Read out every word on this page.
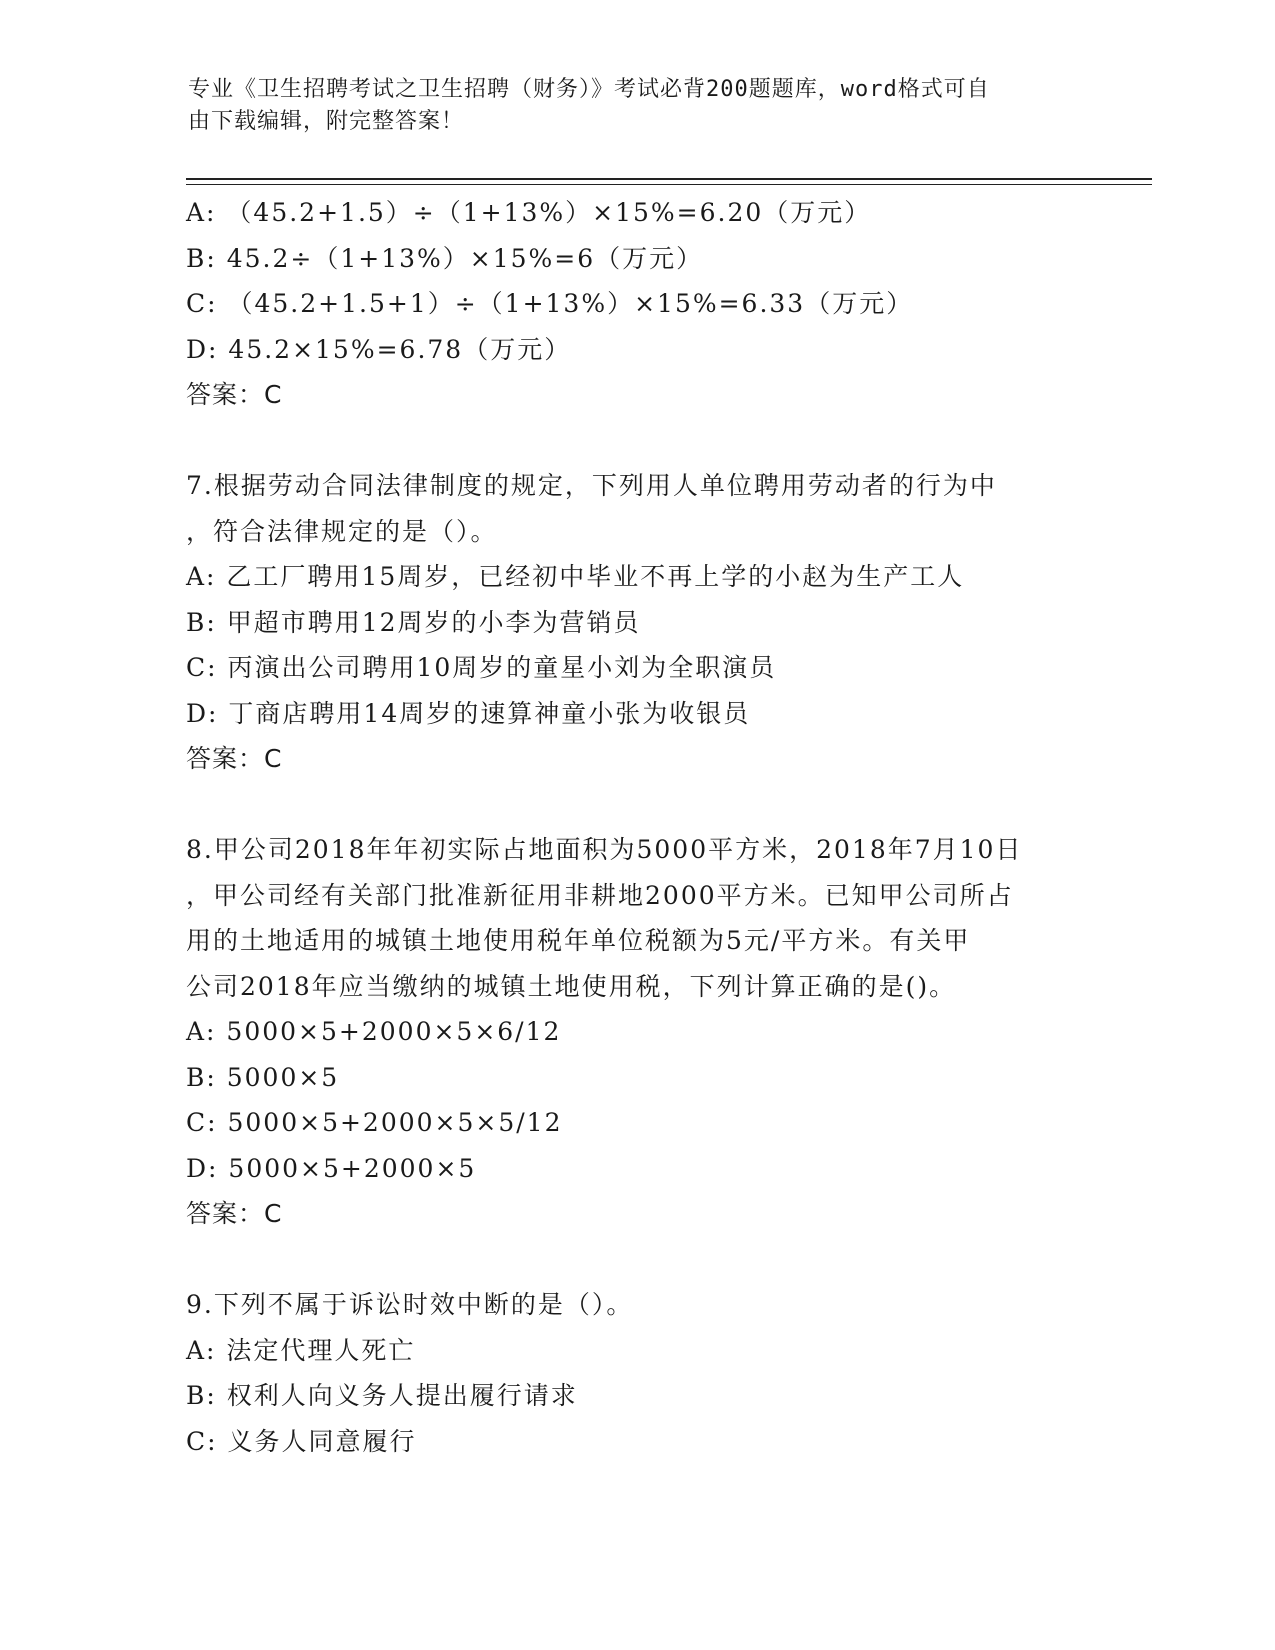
专业《卫生招聘考试之卫生招聘（财务）》考试必背200题题库，word格式可自
由下载编辑，附完整答案！
A: （45.2+1.5）÷（1+13%）×15%=6.20（万元）
B: 45.2÷（1+13%）×15%=6（万元）
C: （45.2+1.5+1）÷（1+13%）×15%=6.33（万元）
D: 45.2×15%=6.78（万元）
答案：C
7.根据劳动合同法律制度的规定，下列用人单位聘用劳动者的行为中
，符合法律规定的是（）。
A: 乙工厂聘用15周岁，已经初中毕业不再上学的小赵为生产工人
B: 甲超市聘用12周岁的小李为营销员
C: 丙演出公司聘用10周岁的童星小刘为全职演员
D: 丁商店聘用14周岁的速算神童小张为收银员
答案：C
8.甲公司2018年年初实际占地面积为5000平方米，2018年7月10日
，甲公司经有关部门批准新征用非耕地2000平方米。已知甲公司所占
用的土地适用的城镇土地使用税年单位税额为5元/平方米。有关甲
公司2018年应当缴纳的城镇土地使用税，下列计算正确的是()。
A: 5000×5+2000×5×6/12
B: 5000×5
C: 5000×5+2000×5×5/12
D: 5000×5+2000×5
答案：C
9.下列不属于诉讼时效中断的是（）。
A: 法定代理人死亡
B: 权利人向义务人提出履行请求
C: 义务人同意履行
